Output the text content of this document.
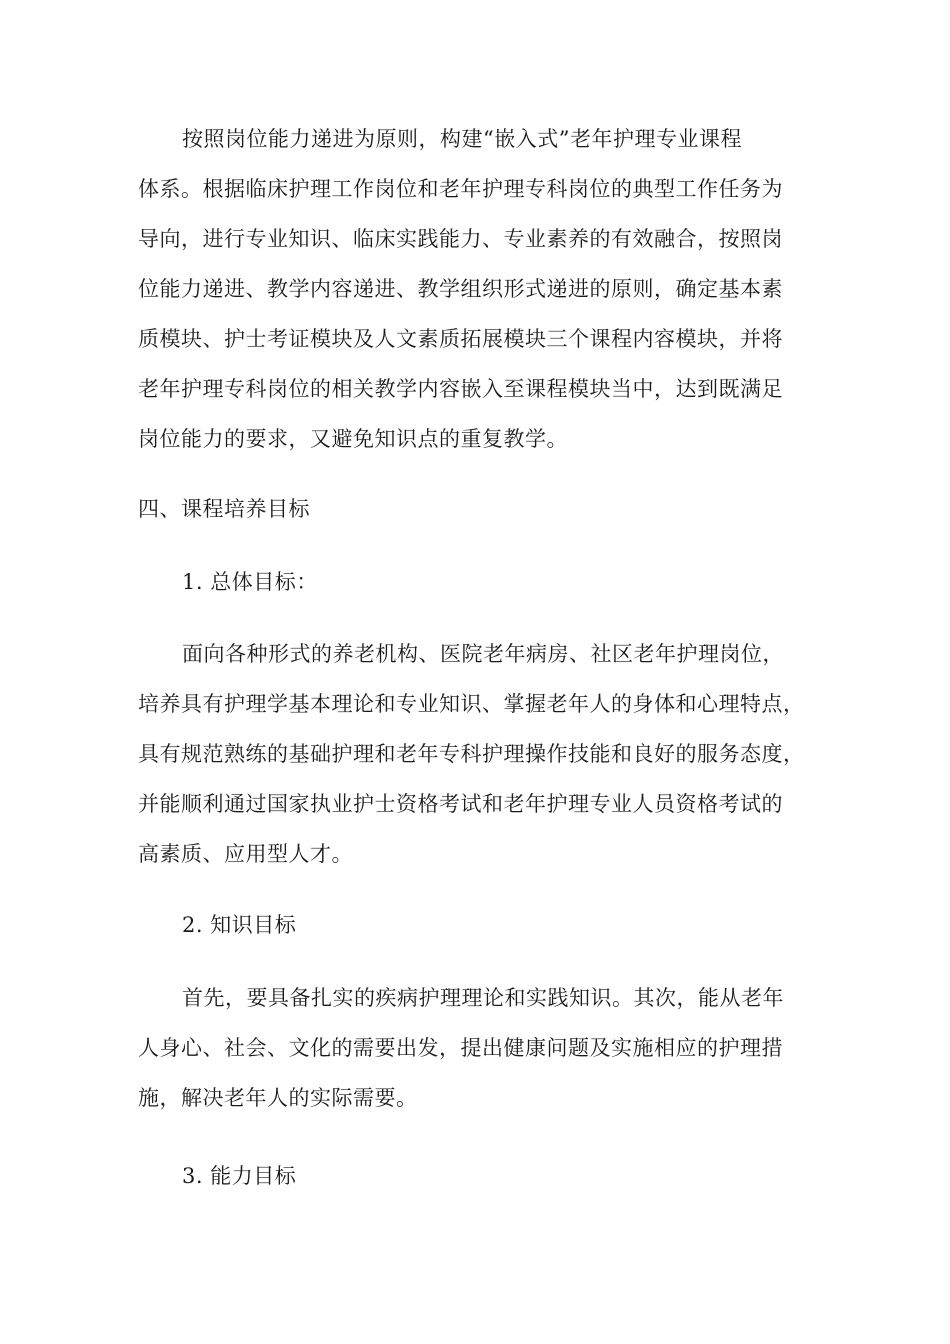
按照岗位能力递进为原则，构建“嵌入式”老年护理专业课程
体系。根据临床护理工作岗位和老年护理专科岗位的典型工作任务为
导向，进行专业知识、临床实践能力、专业素养的有效融合，按照岗
位能力递进、教学内容递进、教学组织形式递进的原则，确定基本素
质模块、护士考证模块及人文素质拓展模块三个课程内容模块，并将
老年护理专科岗位的相关教学内容嵌入至课程模块当中，达到既满足
岗位能力的要求，又避免知识点的重复教学。

四、课程培养目标
1. 总体目标：

面向各种形式的养老机构、医院老年病房、社区老年护理岗位，
培养具有护理学基本理论和专业知识、掌握老年人的身体和心理特点，
具有规范熟练的基础护理和老年专科护理操作技能和良好的服务态度，
并能顺利通过国家执业护士资格考试和老年护理专业人员资格考试的
高素质、应用型人才。

2. 知识目标

首先，要具备扎实的疾病护理理论和实践知识。其次，能从老年
人身心、社会、文化的需要出发，提出健康问题及实施相应的护理措
施，解决老年人的实际需要。

3. 能力目标
